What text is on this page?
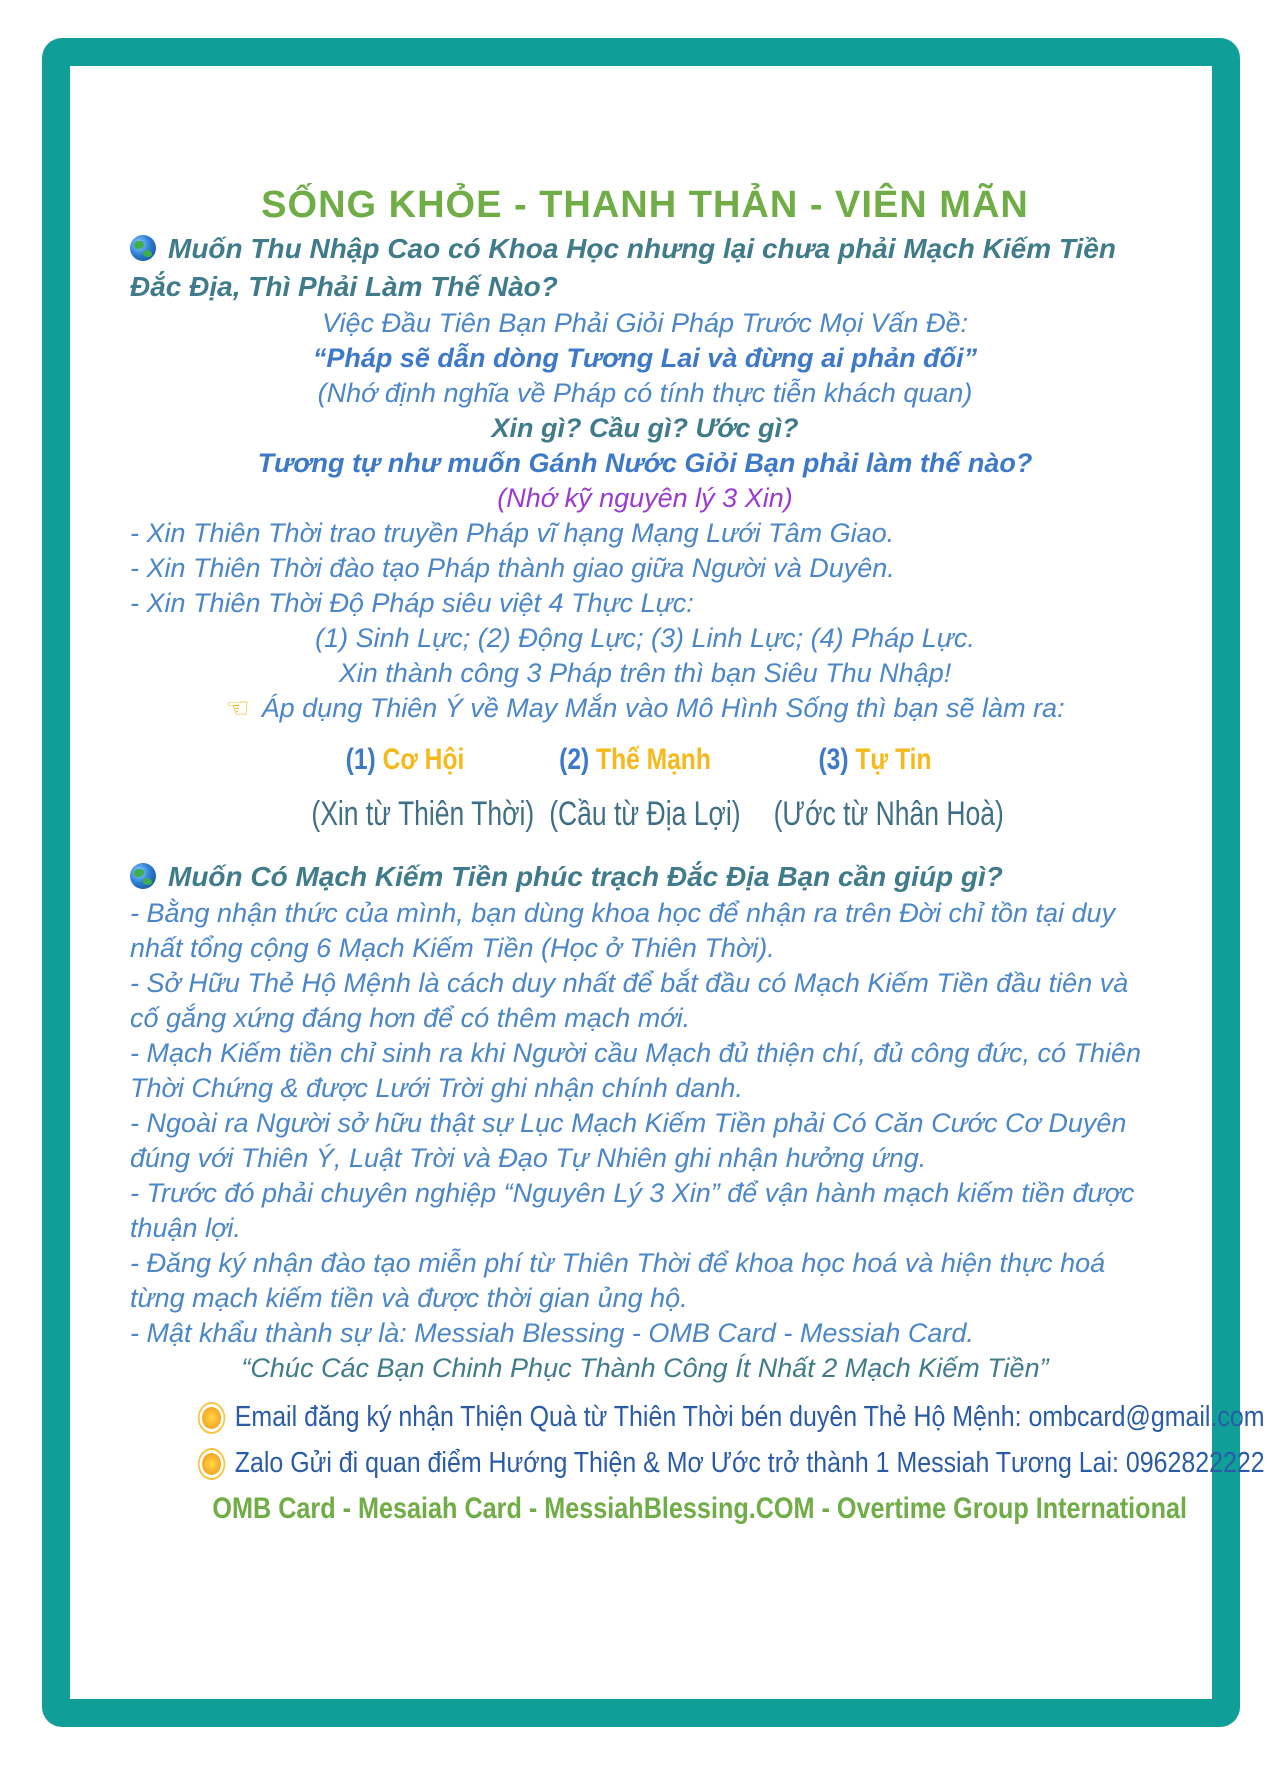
SỐNG KHỎE - THANH THẢN - VIÊN MÃN
Muốn Thu Nhập Cao có Khoa Học nhưng lại chưa phải Mạch Kiếm Tiền Đắc Địa, Thì Phải Làm Thế Nào?
Việc Đầu Tiên Bạn Phải Giỏi Pháp Trước Mọi Vấn Đề:
“Pháp sẽ dẫn dòng Tương Lai và đừng ai phản đối”
(Nhớ định nghĩa về Pháp có tính thực tiễn khách quan)
Xin gì? Cầu gì? Ước gì?
Tương tự như muốn Gánh Nước Giỏi Bạn phải làm thế nào?
(Nhớ kỹ nguyên lý 3 Xin)
- Xin Thiên Thời trao truyền Pháp vĩ hạng Mạng Lưới Tâm Giao.
- Xin Thiên Thời đào tạo Pháp thành giao giữa Người và Duyên.
- Xin Thiên Thời Độ Pháp siêu việt 4 Thực Lực:
(1) Sinh Lực; (2) Động Lực; (3) Linh Lực; (4) Pháp Lực.
Xin thành công 3 Pháp trên thì bạn Siêu Thu Nhập!
☜ Áp dụng Thiên Ý về May Mắn vào Mô Hình Sống thì bạn sẽ làm ra:
(1) Cơ Hội
(Xin từ Thiên Thời)
(2) Thế Mạnh
(Cầu từ Địa Lợi)
(3) Tự Tin
(Ước từ Nhân Hoà)
Muốn Có Mạch Kiếm Tiền phúc trạch Đắc Địa Bạn cần giúp gì?
- Bằng nhận thức của mình, bạn dùng khoa học để nhận ra trên Đời chỉ tồn tại duy nhất tổng cộng 6 Mạch Kiếm Tiền (Học ở Thiên Thời).
- Sở Hữu Thẻ Hộ Mệnh là cách duy nhất để bắt đầu có Mạch Kiếm Tiền đầu tiên và cố gắng xứng đáng hơn để có thêm mạch mới.
- Mạch Kiếm tiền chỉ sinh ra khi Người cầu Mạch đủ thiện chí, đủ công đức, có Thiên Thời Chứng & được Lưới Trời ghi nhận chính danh.
- Ngoài ra Người sở hữu thật sự Lục Mạch Kiếm Tiền phải Có Căn Cước Cơ Duyên đúng với Thiên Ý, Luật Trời và Đạo Tự Nhiên ghi nhận hưởng ứng.
- Trước đó phải chuyên nghiệp “Nguyên Lý 3 Xin” để vận hành mạch kiếm tiền được thuận lợi.
- Đăng ký nhận đào tạo miễn phí từ Thiên Thời để khoa học hoá và hiện thực hoá từng mạch kiếm tiền và được thời gian ủng hộ.
- Mật khẩu thành sự là: Messiah Blessing - OMB Card - Messiah Card.
“Chúc Các Bạn Chinh Phục Thành Công Ít Nhất 2 Mạch Kiếm Tiền”
Email đăng ký nhận Thiện Quà từ Thiên Thời bén duyên Thẻ Hộ Mệnh: ombcard@gmail.com
Zalo Gửi đi quan điểm Hướng Thiện & Mơ Ước trở thành 1 Messiah Tương Lai: 0962822222
OMB Card - Mesaiah Card - MessiahBlessing.COM - Overtime Group International
